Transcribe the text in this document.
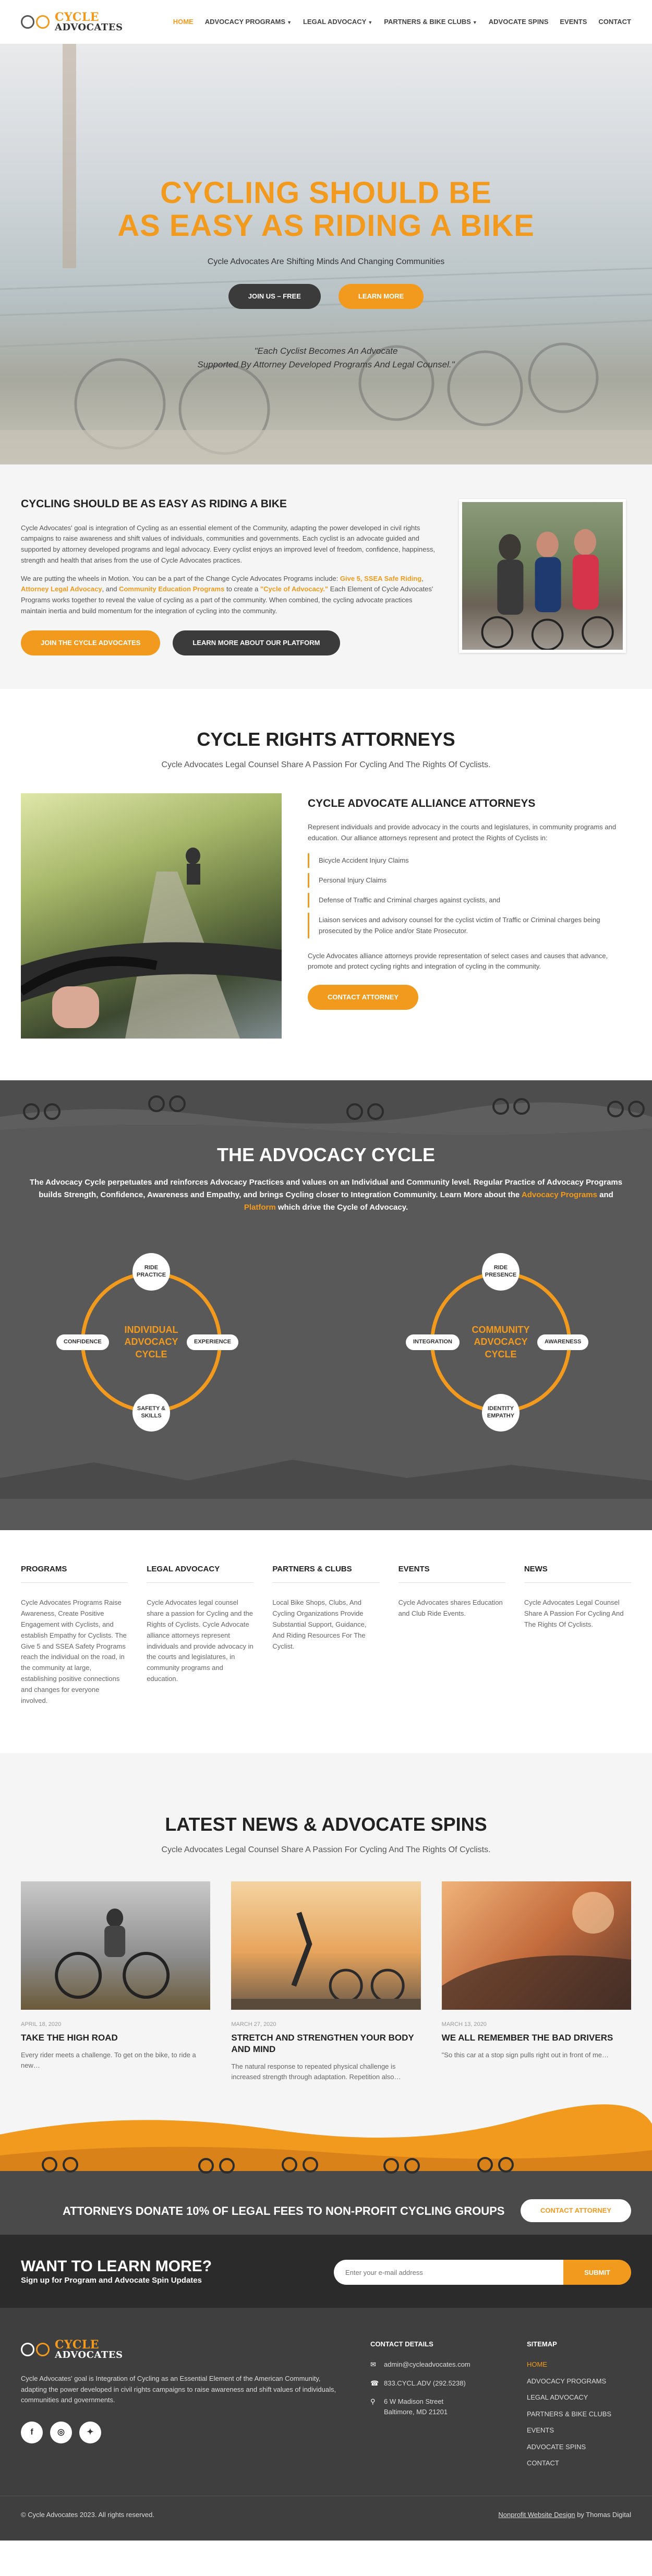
CYCLE
ADVOCATES
HOME ADVOCACY PROGRAMS ▼ LEGAL ADVOCACY ▼ PARTNERS & BIKE CLUBS ▼ ADVOCATE SPINS EVENTS CONTACT
CYCLING SHOULD BE
AS EASY AS RIDING A BIKE
Cycle Advocates Are Shifting Minds And Changing Communities
JOIN US – FREE	LEARN MORE
"Each Cyclist Becomes An Advocate
Supported By Attorney Developed Programs And Legal Counsel."
CYCLING SHOULD BE AS EASY AS RIDING A BIKE

Cycle Advocates' goal is integration of Cycling as an essential element of the Community, adapting the power developed in civil rights campaigns to raise awareness and shift values of individuals, communities and governments. Each cyclist is an advocate guided and supported by attorney developed programs and legal advocacy. Every cyclist enjoys an improved level of freedom, confidence, happiness, strength and health that arises from the use of Cycle Advocates practices.

We are putting the wheels in Motion. You can be a part of the Change Cycle Advocates Programs include: Give 5, SSEA Safe Riding, Attorney Legal Advocacy, and Community Education Programs to create a "Cycle of Advocacy." Each Element of Cycle Advocates' Programs works together to reveal the value of cycling as a part of the community. When combined, the cycling advocate practices maintain inertia and build momentum for the integration of cycling into the community.

JOIN THE CYCLE ADVOCATES	LEARN MORE ABOUT OUR PLATFORM
CYCLE RIGHTS ATTORNEYS
Cycle Advocates Legal Counsel Share A Passion For Cycling And The Rights Of Cyclists.
CYCLE ADVOCATE ALLIANCE ATTORNEYS

Represent individuals and provide advocacy in the courts and legislatures, in community programs and education. Our alliance attorneys represent and protect the Rights of Cyclists in:

Bicycle Accident Injury Claims
Personal Injury Claims
Defense of Traffic and Criminal charges against cyclists, and
Liaison services and advisory counsel for the cyclist victim of Traffic or Criminal charges being prosecuted by the Police and/or State Prosecutor.

Cycle Advocates alliance attorneys provide representation of select cases and causes that advance, promote and protect cycling rights and integration of cycling in the community.

CONTACT ATTORNEY
THE ADVOCACY CYCLE

The Advocacy Cycle perpetuates and reinforces Advocacy Practices and values on an Individual and Community level. Regular Practice of Advocacy Programs builds Strength, Confidence, Awareness and Empathy, and brings Cycling closer to Integration Community. Learn More about the Advocacy Programs and Platform which drive the Cycle of Advocacy.

INDIVIDUAL
ADVOCACY
CYCLE
RIDE PRACTICE
CONFIDENCE	EXPERIENCE
SAFETY & SKILLS
COMMUNITY
ADVOCACY
CYCLE
RIDE PRESENCE
INTEGRATION	AWARENESS
IDENTITY EMPATHY
PROGRAMS

Cycle Advocates Programs Raise Awareness, Create Positive Engagement with Cyclists, and establish Empathy for Cyclists. The Give 5 and SSEA Safety Programs reach the individual on the road, in the community at large, establishing positive connections and changes for everyone involved.

LEGAL ADVOCACY

Cycle Advocates legal counsel share a passion for Cycling and the Rights of Cyclists. Cycle Advocate alliance attorneys represent individuals and provide advocacy in the courts and legislatures, in community programs and education.

PARTNERS & CLUBS

Local Bike Shops, Clubs, And Cycling Organizations Provide Substantial Support, Guidance, And Riding Resources For The Cyclist.

EVENTS

Cycle Advocates shares Education and Club Ride Events.

NEWS

Cycle Advocates Legal Counsel Share A Passion For Cycling And The Rights Of Cyclists.

LATEST NEWS & ADVOCATE SPINS
Cycle Advocates Legal Counsel Share A Passion For Cycling And The Rights Of Cyclists.
APRIL 18, 2020
TAKE THE HIGH ROAD

Every rider meets a challenge. To get on the bike, to ride a new…

MARCH 27, 2020
STRETCH AND STRENGTHEN YOUR BODY AND MIND

The natural response to repeated physical challenge is increased strength through adaptation. Repetition also…

MARCH 13, 2020
WE ALL REMEMBER THE BAD DRIVERS

"So this car at a stop sign pulls right out in front of me…

ATTORNEYS DONATE 10% OF LEGAL FEES TO NON-PROFIT CYCLING GROUPS	CONTACT ATTORNEY
WANT TO LEARN MORE?
Sign up for Program and Advocate Spin Updates
Enter your e-mail address
SUBMIT
CYCLE
ADVOCATES

Cycle Advocates' goal is Integration of Cycling as an Essential Element of the American Community, adapting the power developed in civil rights campaigns to raise awareness and shift values of individuals, communities and governments.

f	◎	✦
CONTACT DETAILS
✉ admin@cycleadvocates.com
☎ 833.CYCL.ADV (292.5238)
⚲	6 W Madison Street
Baltimore, MD 21201
SITEMAP
HOME
ADVOCACY PROGRAMS
LEGAL ADVOCACY
PARTNERS & BIKE CLUBS
EVENTS
ADVOCATE SPINS
CONTACT
© Cycle Advocates 2023. All rights reserved.	Nonprofit Website Design by Thomas Digital
